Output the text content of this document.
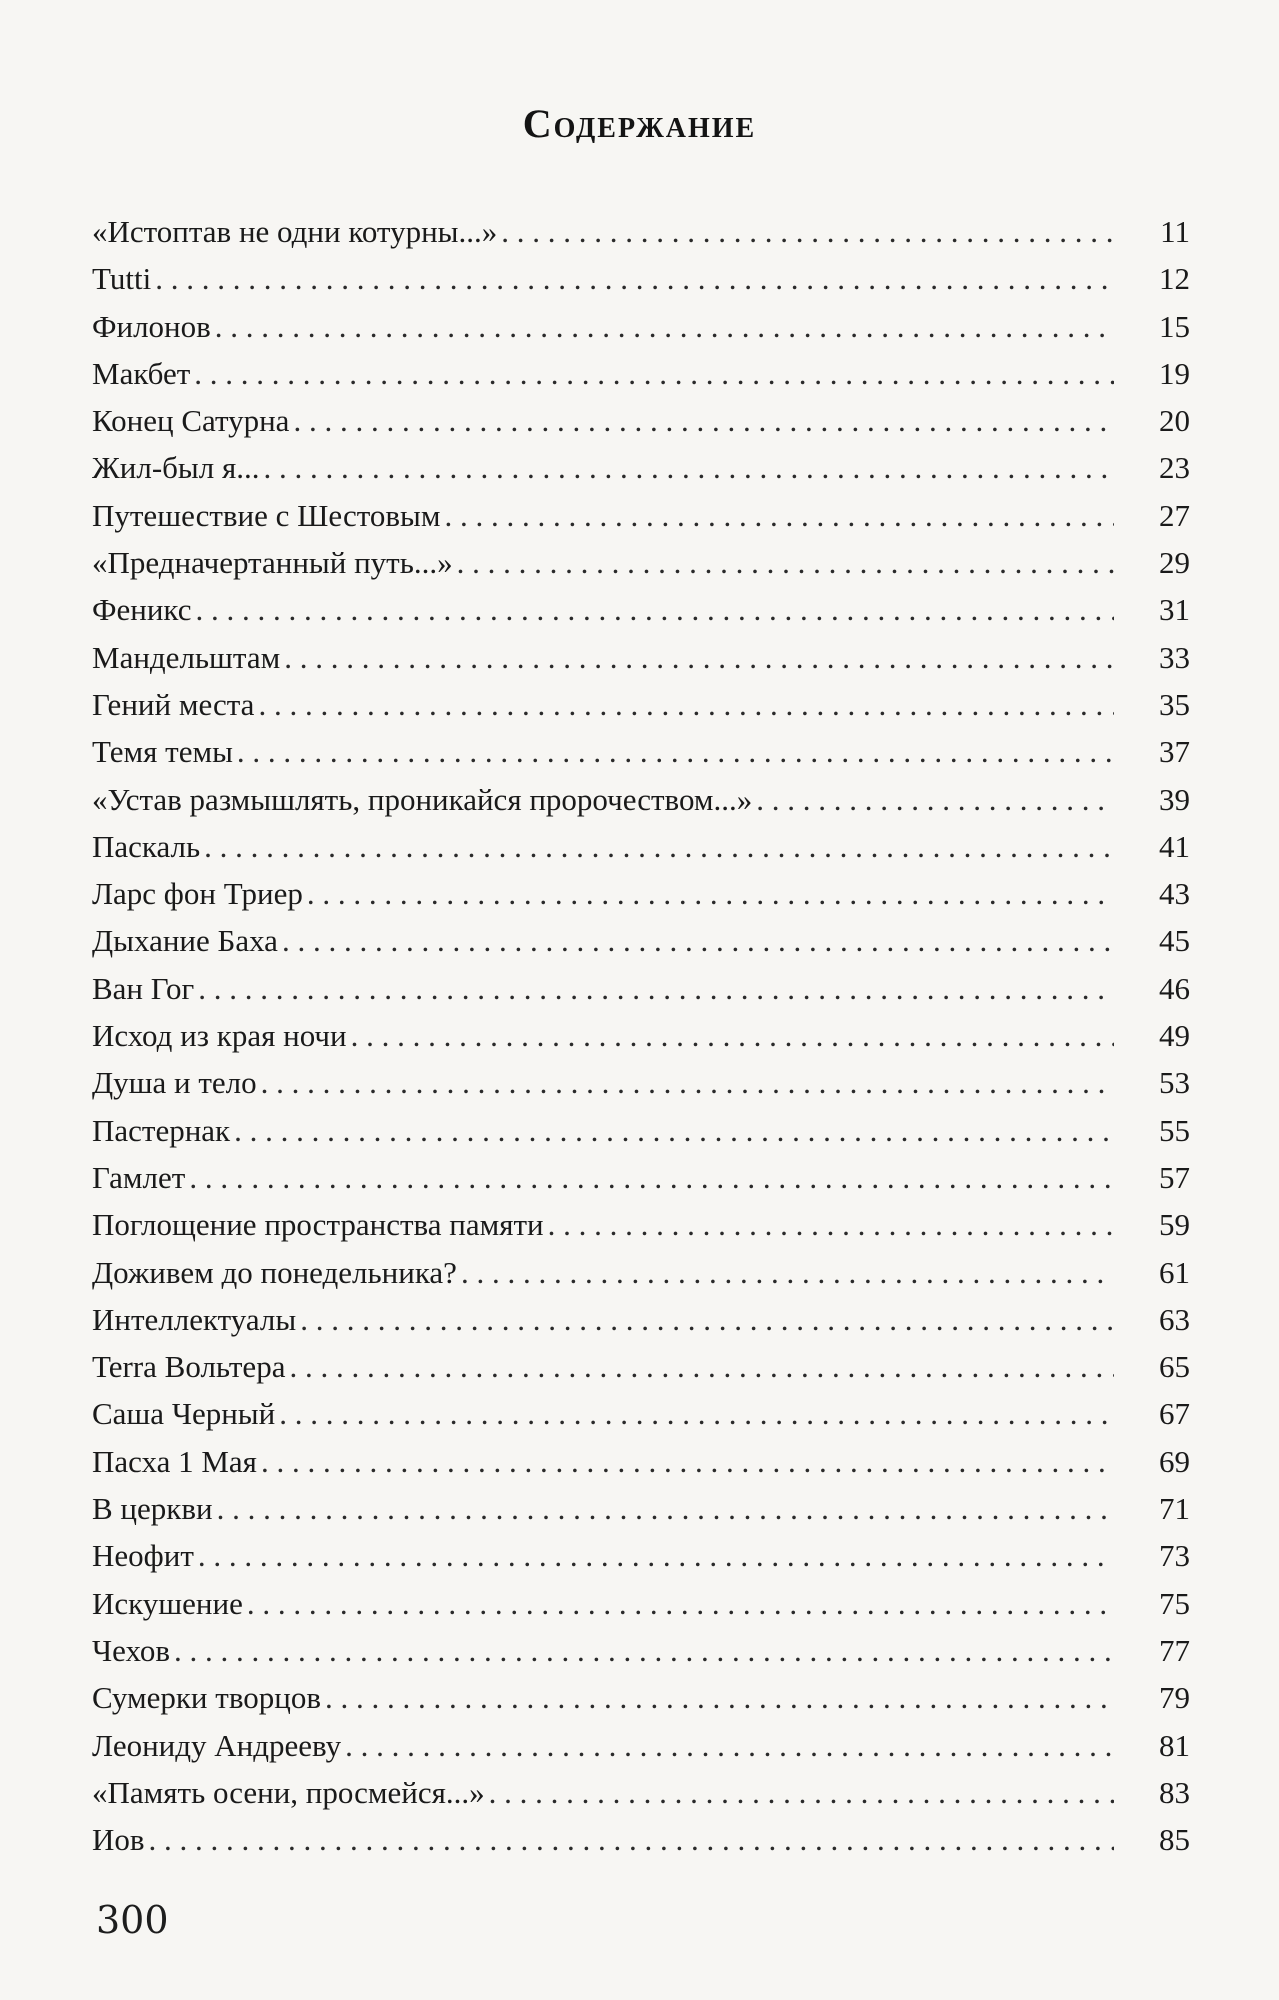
Содержание
«Истоптав не одни котурны...» . . .	11
Tutti . . .	12
Филонов . . .	15
Макбет . . .	19
Конец Сатурна . . .	20
Жил-был я... . . .	23
Путешествие с Шестовым . . .	27
«Предначертанный путь...» . . .	29
Феникс . . .	31
Мандельштам . . .	33
Гений места . . .	35
Темя темы . . .	37
«Устав размышлять, проникайся пророчеством...» . . .	39
Паскаль . . .	41
Ларс фон Триер . . .	43
Дыхание Баха . . .	45
Ван Гог . . .	46
Исход из края ночи . . .	49
Душа и тело . . .	53
Пастернак . . .	55
Гамлет . . .	57
Поглощение пространства памяти . . .	59
Доживем до понедельника? . . .	61
Интеллектуалы . . .	63
Terra Вольтера . . .	65
Саша Черный . . .	67
Пасха 1 Мая . . .	69
В церкви . . .	71
Неофит . . .	73
Искушение . . .	75
Чехов . . .	77
Сумерки творцов . . .	79
Леониду Андрееву . . .	81
«Память осени, просмейся...» . . .	83
Иов . . .	85
300
